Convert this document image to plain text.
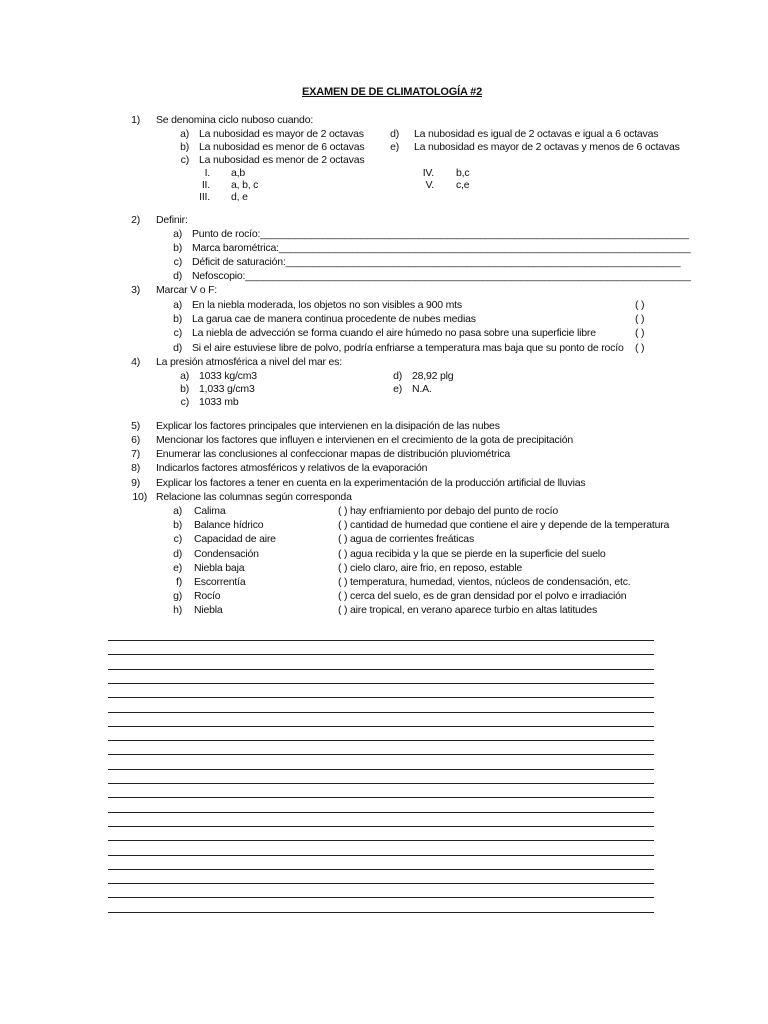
EXAMEN DE DE CLIMATOLOGÍA #2
1) Se denomina ciclo nuboso cuando:
a) La nubosidad es mayor de 2 octavas
b) La nubosidad es menor de 6 octavas
c) La nubosidad es menor de 2 octavas
d) La nubosidad es igual de 2 octavas e igual a 6 octavas
e) La nubosidad es mayor de 2 octavas y menos de 6 octavas
I. a,b
II. a, b, c
III. d, e
IV. b,c
V. c,e
2) Definir:
a) Punto de rocío:____________________________________________________________________________
b) Marca barométrica:_________________________________________________________________________
c) Déficit de saturación:______________________________________________________________________
d) Nefoscopio:_______________________________________________________________________________
3) Marcar V o F:
a) En la niebla moderada, los objetos no son visibles a 900 mts	( )
b) La garua cae de manera continua procedente de nubes medias	( )
c) La niebla de advección se forma cuando el aire húmedo no pasa sobre una superficie libre	( )
d) Si el aire estuviese libre de polvo, podría enfriarse a temperatura mas baja que su ponto de rocío ( )
4) La presión atmosférica a nivel del mar es:
a) 1033 kg/cm3
b) 1,033 g/cm3
c) 1033 mb
d) 28,92 plg
e) N.A.
5) Explicar los factores principales que intervienen en la disipación de las nubes
6) Mencionar los factores que influyen e intervienen en el crecimiento de la gota de precipitación
7) Enumerar las conclusiones al confeccionar mapas de distribución pluviométrica
8) Indicarlos factores atmosféricos y relativos de la evaporación
9) Explicar los factores a tener en cuenta en la experimentación de la producción artificial de lluvias
10) Relacione las columnas según corresponda
a) Calima	( ) hay enfriamiento por debajo del punto de rocío
b) Balance hídrico	( ) cantidad de humedad que contiene el aire y depende de la temperatura
c) Capacidad de aire	( ) agua de corrientes freáticas
d) Condensación	( ) agua recibida y la que se pierde en la superficie del suelo
e) Niebla baja	( ) cielo claro, aire frio, en reposo, estable
f) Escorrentía	( ) temperatura, humedad, vientos, núcleos de condensación, etc.
g) Rocío	( ) cerca del suelo, es de gran densidad por el polvo e irradiación
h) Niebla	( ) aire tropical, en verano aparece turbio en altas latitudes
